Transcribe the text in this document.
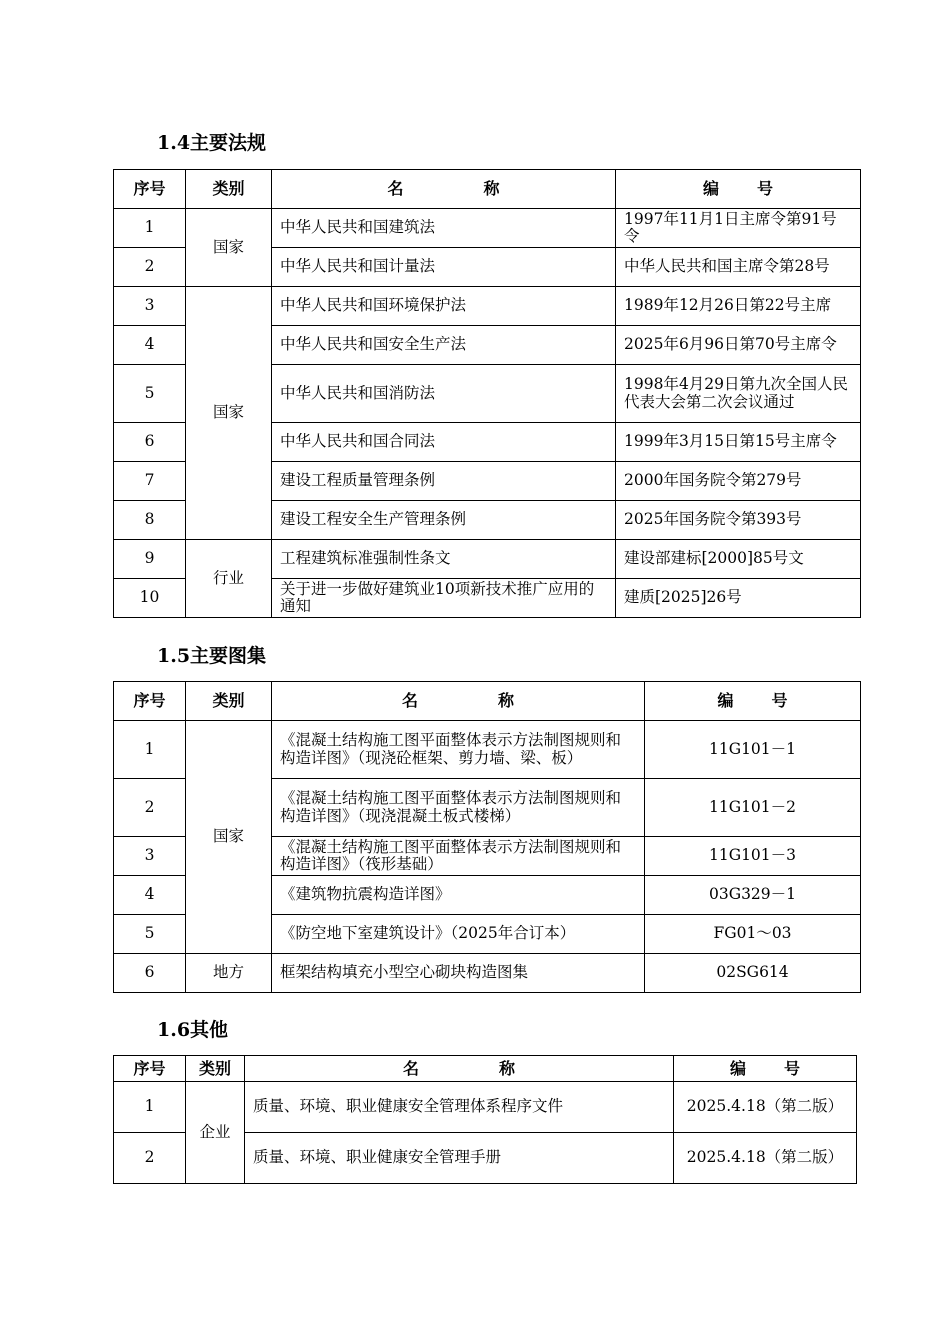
1.4主要法规
序号	类别	名 称	编 号
1	国家	中华人民共和国建筑法	1997年11月1日主席令第91号令
2		中华人民共和国计量法	中华人民共和国主席令第28号
3	国家	中华人民共和国环境保护法	1989年12月26日第22号主席
4		中华人民共和国安全生产法	2025年6月96日第70号主席令
5		中华人民共和国消防法	1998年4月29日第九次全国人民代表大会第二次会议通过
6		中华人民共和国合同法	1999年3月15日第15号主席令
7		建设工程质量管理条例	2000年国务院令第279号
8		建设工程安全生产管理条例	2025年国务院令第393号
9	行业	工程建筑标准强制性条文	建设部建标[2000]85号文
10		关于进一步做好建筑业10项新技术推广应用的通知	建质[2025]26号
1.5主要图集
序号	类别	名 称	编 号
1	国家	《混凝土结构施工图平面整体表示方法制图规则和构造详图》（现浇砼框架、剪力墙、梁、板）	11G101－1
2		《混凝土结构施工图平面整体表示方法制图规则和构造详图》（现浇混凝土板式楼梯）	11G101－2
3		《混凝土结构施工图平面整体表示方法制图规则和构造详图》（筏形基础）	11G101－3
4		《建筑物抗震构造详图》	03G329－1
5		《防空地下室建筑设计》（2025年合订本）	FG01～03
6	地方	框架结构填充小型空心砌块构造图集	02SG614
1.6其他
序号	类别	名 称	编 号
1	企业	质量、环境、职业健康安全管理体系程序文件	2025.4.18（第二版）
2		质量、环境、职业健康安全管理手册	2025.4.18（第二版）
